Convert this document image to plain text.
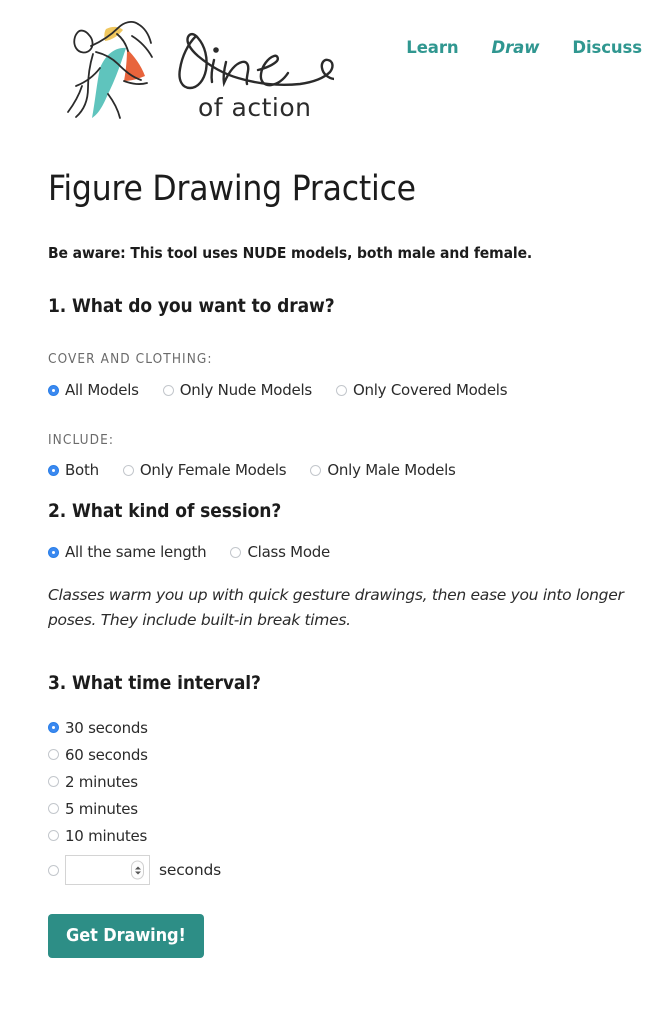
of action
Learn Draw Discuss
Figure Drawing Practice

Be aware: This tool uses NUDE models, both male and female.

1. What do you want to draw?
COVER AND CLOTHING:
All Models	Only Nude Models	Only Covered Models
INCLUDE:
Both	Only Female Models	Only Male Models
2. What kind of session?
All the same length	Class Mode

Classes warm you up with quick gesture drawings, then ease you into longer poses. They include built-in break times.

3. What time interval?
30 seconds
60 seconds
2 minutes
5 minutes
10 minutes
seconds
Get Drawing!
